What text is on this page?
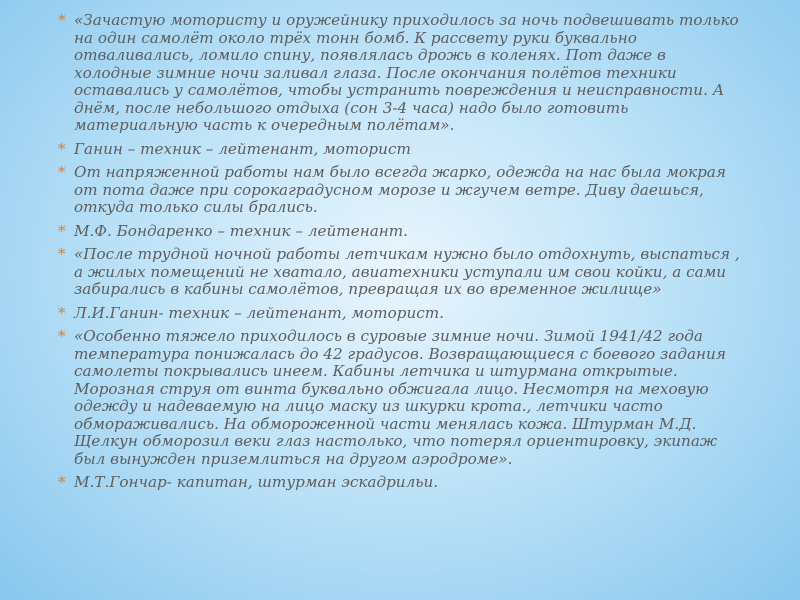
* «Зачастую мотористу и оружейнику приходилось за ночь подвешивать только на один самолёт около трёх тонн бомб. К рассвету руки буквально отваливались, ломило спину, появлялась дрожь в коленях. Пот даже в холодные зимние ночи заливал глаза. После окончания полётов техники оставались у самолётов, чтобы устранить повреждения и неисправности. А днём, после небольшого отдыха (сон 3-4 часа) надо было готовить материальную часть к очередным полётам».
* Ганин – техник – лейтенант, моторист
* От напряженной работы нам было всегда жарко, одежда на нас была мокрая от пота даже при сорокаградусном морозе и жгучем ветре. Диву даешься, откуда только силы брались.
* М.Ф. Бондаренко – техник – лейтенант.
* «После трудной ночной работы летчикам нужно было отдохнуть, выспаться , а жилых помещений не хватало, авиатехники уступали им свои койки, а сами забирались в кабины самолётов, превращая их во временное жилище»
* Л.И.Ганин- техник – лейтенант, моторист.
* «Особенно тяжело приходилось в суровые зимние ночи. Зимой 1941/42 года температура понижалась до 42 градусов. Возвращающиеся с боевого задания самолеты покрывались инеем. Кабины летчика и штурмана открытые. Морозная струя от винта буквально обжигала лицо. Несмотря на меховую одежду и надеваемую на лицо маску из шкурки крота., летчики часто обмораживались. На обмороженной части менялась кожа. Штурман М.Д. Щелкун обморозил веки глаз настолько, что потерял ориентировку, экипаж был вынужден приземлиться на другом аэродроме».
* М.Т.Гончар- капитан, штурман эскадрильи.
